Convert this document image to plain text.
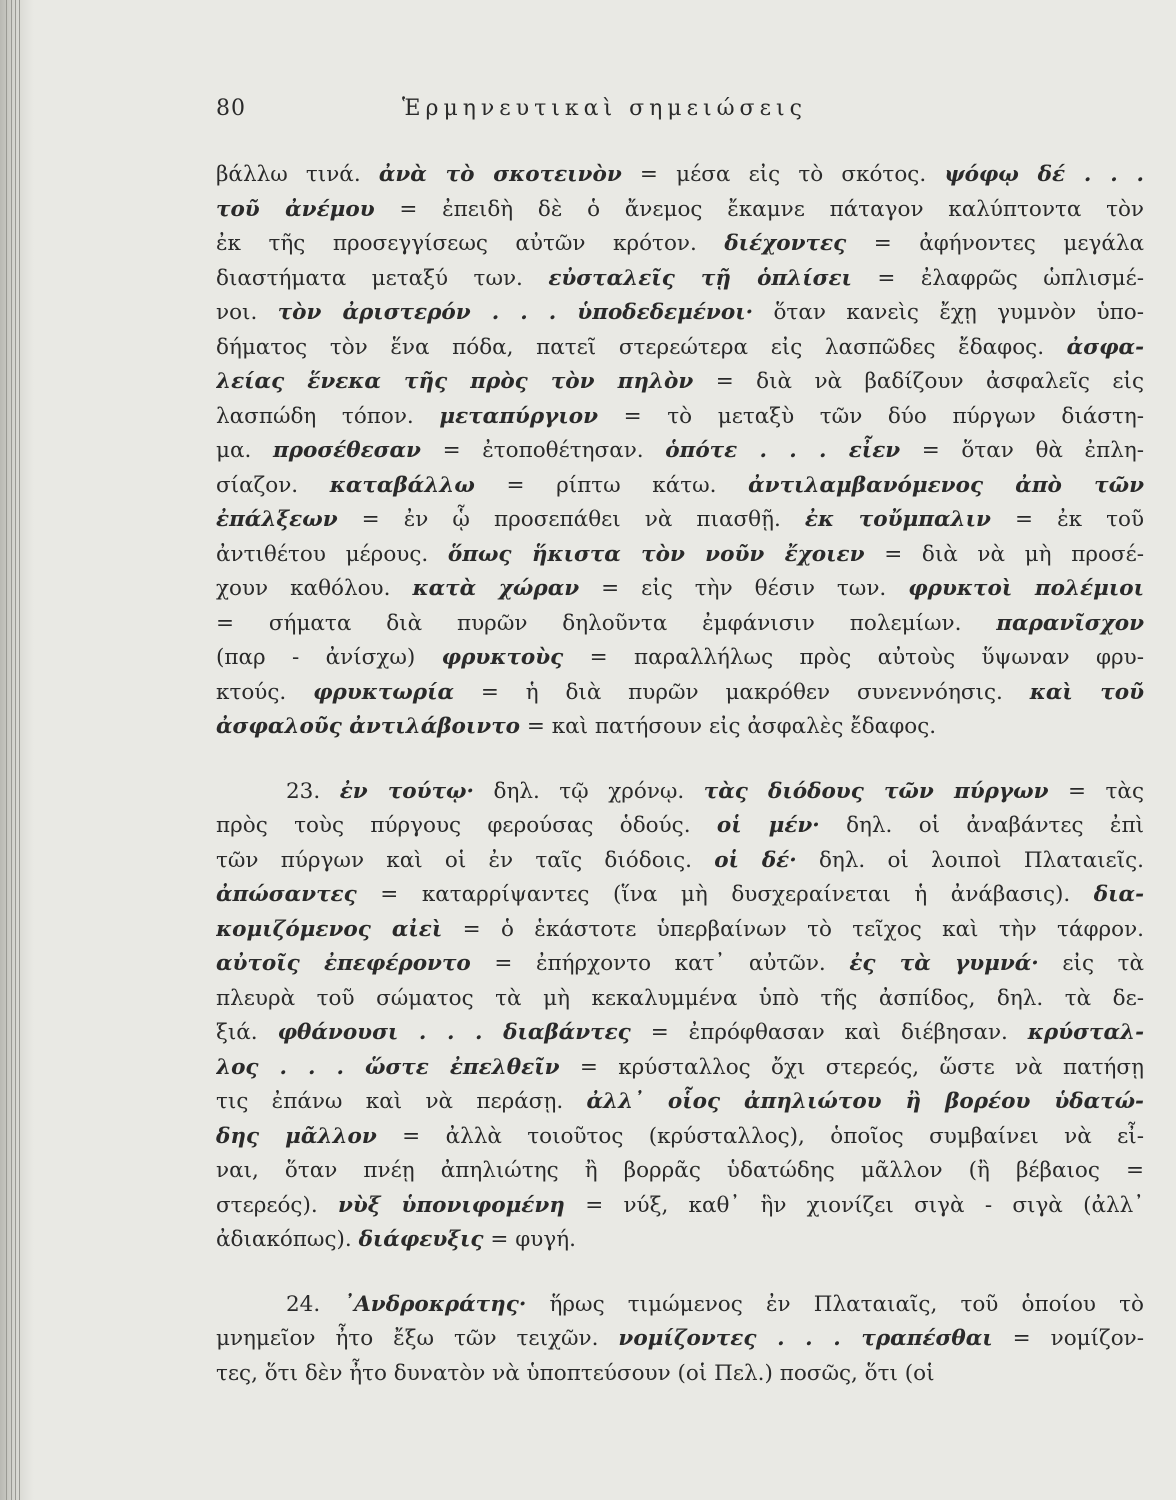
80	Ἑρμηνευτικαὶ σημειώσεις
βάλλω τινά. ἀνὰ τὸ σκοτεινὸν = μέσα εἰς τὸ σκότος. ψόφῳ δέ . . .
τοῦ ἀνέμου = ἐπειδὴ δὲ ὁ ἄνεμος ἔκαμνε πάταγον καλύπτοντα τὸν
ἐκ τῆς προσεγγίσεως αὐτῶν κρότον. διέχοντες = ἀφήνοντες μεγάλα
διαστήματα μεταξύ των. εὐσταλεῖς τῇ ὁπλίσει = ἐλαφρῶς ὡπλισμέ-
νοι. τὸν ἀριστερόν . . . ὑποδεδεμένοι· ὅταν κανεὶς ἔχῃ γυμνὸν ὑπο-
δήματος τὸν ἕνα πόδα, πατεῖ στερεώτερα εἰς λασπῶδες ἔδαφος. ἀσφα-
λείας ἕνεκα τῆς πρὸς τὸν πηλὸν = διὰ νὰ βαδίζουν ἀσφαλεῖς εἰς
λασπώδη τόπον. μεταπύργιον = τὸ μεταξὺ τῶν δύο πύργων διάστη-
μα. προσέθεσαν = ἐτοποθέτησαν. ὁπότε . . . εἶεν = ὅταν θὰ ἐπλη-
σίαζον. καταβάλλω = ρίπτω κάτω. ἀντιλαμβανόμενος ἀπὸ τῶν
ἐπάλξεων = ἐν ᾧ προσεπάθει νὰ πιασθῇ. ἐκ τοὔμπαλιν = ἐκ τοῦ
ἀντιθέτου μέρους. ὅπως ἥκιστα τὸν νοῦν ἔχοιεν = διὰ νὰ μὴ προσέ-
χουν καθόλου. κατὰ χώραν = εἰς τὴν θέσιν των. φρυκτοὶ πολέμιοι
= σήματα διὰ πυρῶν δηλοῦντα ἐμφάνισιν πολεμίων. παρανῖσχον
(παρ - ἀνίσχω) φρυκτοὺς = παραλλήλως πρὸς αὐτοὺς ὕψωναν φρυ-
κτούς. φρυκτωρία = ἡ διὰ πυρῶν μακρόθεν συνεννόησις. καὶ τοῦ
ἀσφαλοῦς ἀντιλάβοιντο = καὶ πατήσουν εἰς ἀσφαλὲς ἔδαφος.
23. ἐν τούτῳ· δηλ. τῷ χρόνῳ. τὰς διόδους τῶν πύργων = τὰς
πρὸς τοὺς πύργους φερούσας ὁδούς. οἱ μέν· δηλ. οἱ ἀναβάντες ἐπὶ
τῶν πύργων καὶ οἱ ἐν ταῖς διόδοις. οἱ δέ· δηλ. οἱ λοιποὶ Πλαταιεῖς.
ἀπώσαντες = καταρρίψαντες (ἵνα μὴ δυσχεραίνεται ἡ ἀνάβασις). δια-
κομιζόμενος αἰεὶ = ὁ ἑκάστοτε ὑπερβαίνων τὸ τεῖχος καὶ τὴν τάφρον.
αὐτοῖς ἐπεφέροντο = ἐπήρχοντο κατ᾽ αὐτῶν. ἐς τὰ γυμνά· εἰς τὰ
πλευρὰ τοῦ σώματος τὰ μὴ κεκαλυμμένα ὑπὸ τῆς ἀσπίδος, δηλ. τὰ δε-
ξιά. φθάνουσι . . . διαβάντες = ἐπρόφθασαν καὶ διέβησαν. κρύσταλ-
λος . . . ὥστε ἐπελθεῖν = κρύσταλλος ὄχι στερεός, ὥστε νὰ πατήσῃ
τις ἐπάνω καὶ νὰ περάσῃ. ἀλλ᾽ οἷος ἀπηλιώτου ἢ βορέου ὑδατώ-
δης μᾶλλον = ἀλλὰ τοιοῦτος (κρύσταλλος), ὁποῖος συμβαίνει νὰ εἶ-
ναι, ὅταν πνέῃ ἀπηλιώτης ἢ βορρᾶς ὑδατώδης μᾶλλον (ἢ βέβαιος =
στερεός). νὺξ ὑπονιφομένη = νύξ, καθ᾽ ἣν χιονίζει σιγὰ - σιγὰ (ἀλλ᾽
ἀδιακόπως). διάφευξις = φυγή.
24. ᾽Ανδροκράτης· ἥρως τιμώμενος ἐν Πλαταιαῖς, τοῦ ὁποίου τὸ
μνημεῖον ἦτο ἔξω τῶν τειχῶν. νομίζοντες . . . τραπέσθαι = νομίζον-
τες, ὅτι δὲν ἦτο δυνατὸν νὰ ὑποπτεύσουν (οἱ Πελ.) ποσῶς, ὅτι (οἱ
